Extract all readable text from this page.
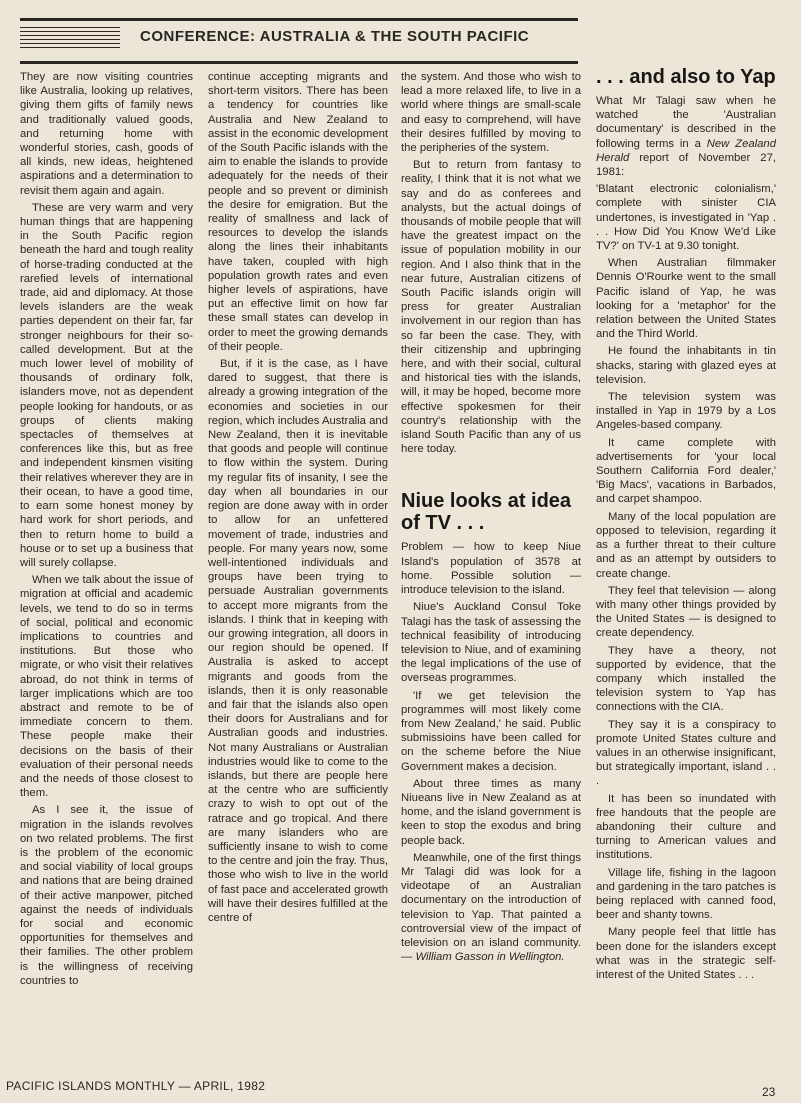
CONFERENCE: AUSTRALIA & THE SOUTH PACIFIC

They are now visiting countries like Australia, looking up relatives, giving them gifts of family news and traditionally valued goods, and returning home with wonderful stories, cash, goods of all kinds, new ideas, heightened aspirations and a determination to revisit them again and again.

These are very warm and very human things that are happening in the South Pacific region beneath the hard and tough reality of horse-trading conducted at the rarefied levels of international trade, aid and diplomacy. At those levels islanders are the weak parties dependent on their far, far stronger neighbours for their so-called development. But at the much lower level of mobility of thousands of ordinary folk, islanders move, not as dependent people looking for handouts, or as groups of clients making spectacles of themselves at conferences like this, but as free and independent kinsmen visiting their relatives wherever they are in their ocean, to have a good time, to earn some honest money by hard work for short periods, and then to return home to build a house or to set up a business that will surely collapse.

When we talk about the issue of migration at official and academic levels, we tend to do so in terms of social, political and economic implications to countries and institutions. But those who migrate, or who visit their relatives abroad, do not think in terms of larger implications which are too abstract and remote to be of immediate concern to them. These people make their decisions on the basis of their evaluation of their personal needs and the needs of those closest to them.

As I see it, the issue of migration in the islands revolves on two related problems. The first is the problem of the economic and social viability of local groups and nations that are being drained of their active manpower, pitched against the needs of individuals for social and economic opportunities for themselves and their families. The other problem is the willingness of receiving countries to

continue accepting migrants and short-term visitors. There has been a tendency for countries like Australia and New Zealand to assist in the economic development of the South Pacific islands with the aim to enable the islands to provide adequately for the needs of their people and so prevent or diminish the desire for emigration. But the reality of smallness and lack of resources to develop the islands along the lines their inhabitants have taken, coupled with high population growth rates and even higher levels of aspirations, have put an effective limit on how far these small states can develop in order to meet the growing demands of their people.

But, if it is the case, as I have dared to suggest, that there is already a growing integration of the economies and societies in our region, which includes Australia and New Zealand, then it is inevitable that goods and people will continue to flow within the system. During my regular fits of insanity, I see the day when all boundaries in our region are done away with in order to allow for an unfettered movement of trade, industries and people. For many years now, some well-intentioned individuals and groups have been trying to persuade Australian governments to accept more migrants from the islands. I think that in keeping with our growing integration, all doors in our region should be opened. If Australia is asked to accept migrants and goods from the islands, then it is only reasonable and fair that the islands also open their doors for Australians and for Australian goods and industries. Not many Australians or Australian industries would like to come to the islands, but there are people here at the centre who are sufficiently crazy to wish to opt out of the ratrace and go tropical. And there are many islanders who are sufficiently insane to wish to come to the centre and join the fray. Thus, those who wish to live in the world of fast pace and accelerated growth will have their desires fulfilled at the centre of

the system. And those who wish to lead a more relaxed life, to live in a world where things are small-scale and easy to comprehend, will have their desires fulfilled by moving to the peripheries of the system.

But to return from fantasy to reality, I think that it is not what we say and do as conferees and analysts, but the actual doings of thousands of mobile people that will have the greatest impact on the issue of population mobility in our region. And I also think that in the near future, Australian citizens of South Pacific islands origin will press for greater Australian involvement in our region than has so far been the case. They, with their citizenship and upbringing here, and with their social, cultural and historical ties with the islands, will, it may be hoped, become more effective spokesmen for their country's relationship with the island South Pacific than any of us here today.

Niue looks at idea of TV . . .

Problem — how to keep Niue Island's population of 3578 at home. Possible solution — introduce television to the island.

Niue's Auckland Consul Toke Talagi has the task of assessing the technical feasibility of introducing television to Niue, and of examining the legal implications of the use of overseas programmes.

'If we get television the programmes will most likely come from New Zealand,' he said. Public submissioins have been called for on the scheme before the Niue Government makes a decision.

About three times as many Niueans live in New Zealand as at home, and the island government is keen to stop the exodus and bring people back.

Meanwhile, one of the first things Mr Talagi did was look for a videotape of an Australian documentary on the introduction of television to Yap. That painted a controversial view of the impact of television on an island community. — William Gasson in Wellington.

. . . and also to Yap

What Mr Talagi saw when he watched the 'Australian documentary' is described in the following terms in a New Zealand Herald report of November 27, 1981:

'Blatant electronic colonialism,' complete with sinister CIA undertones, is investigated in 'Yap . . . How Did You Know We'd Like TV?' on TV-1 at 9.30 tonight.

When Australian filmmaker Dennis O'Rourke went to the small Pacific island of Yap, he was looking for a 'metaphor' for the relation between the United States and the Third World.

He found the inhabitants in tin shacks, staring with glazed eyes at television.

The television system was installed in Yap in 1979 by a Los Angeles-based company.

It came complete with advertisements for 'your local Southern California Ford dealer,' 'Big Macs', vacations in Barbados, and carpet shampoo.

Many of the local population are opposed to television, regarding it as a further threat to their culture and as an attempt by outsiders to create change.

They feel that television — along with many other things provided by the United States — is designed to create dependency.

They have a theory, not supported by evidence, that the company which installed the television system to Yap has connections with the CIA.

They say it is a conspiracy to promote United States culture and values in an otherwise insignificant, but strategically important, island . . .

It has been so inundated with free handouts that the people are abandoning their culture and turning to American values and institutions.

Village life, fishing in the lagoon and gardening in the taro patches is being replaced with canned food, beer and shanty towns.

Many people feel that little has been done for the islanders except what was in the strategic self-interest of the United States . . .

PACIFIC ISLANDS MONTHLY — APRIL, 1982	23
